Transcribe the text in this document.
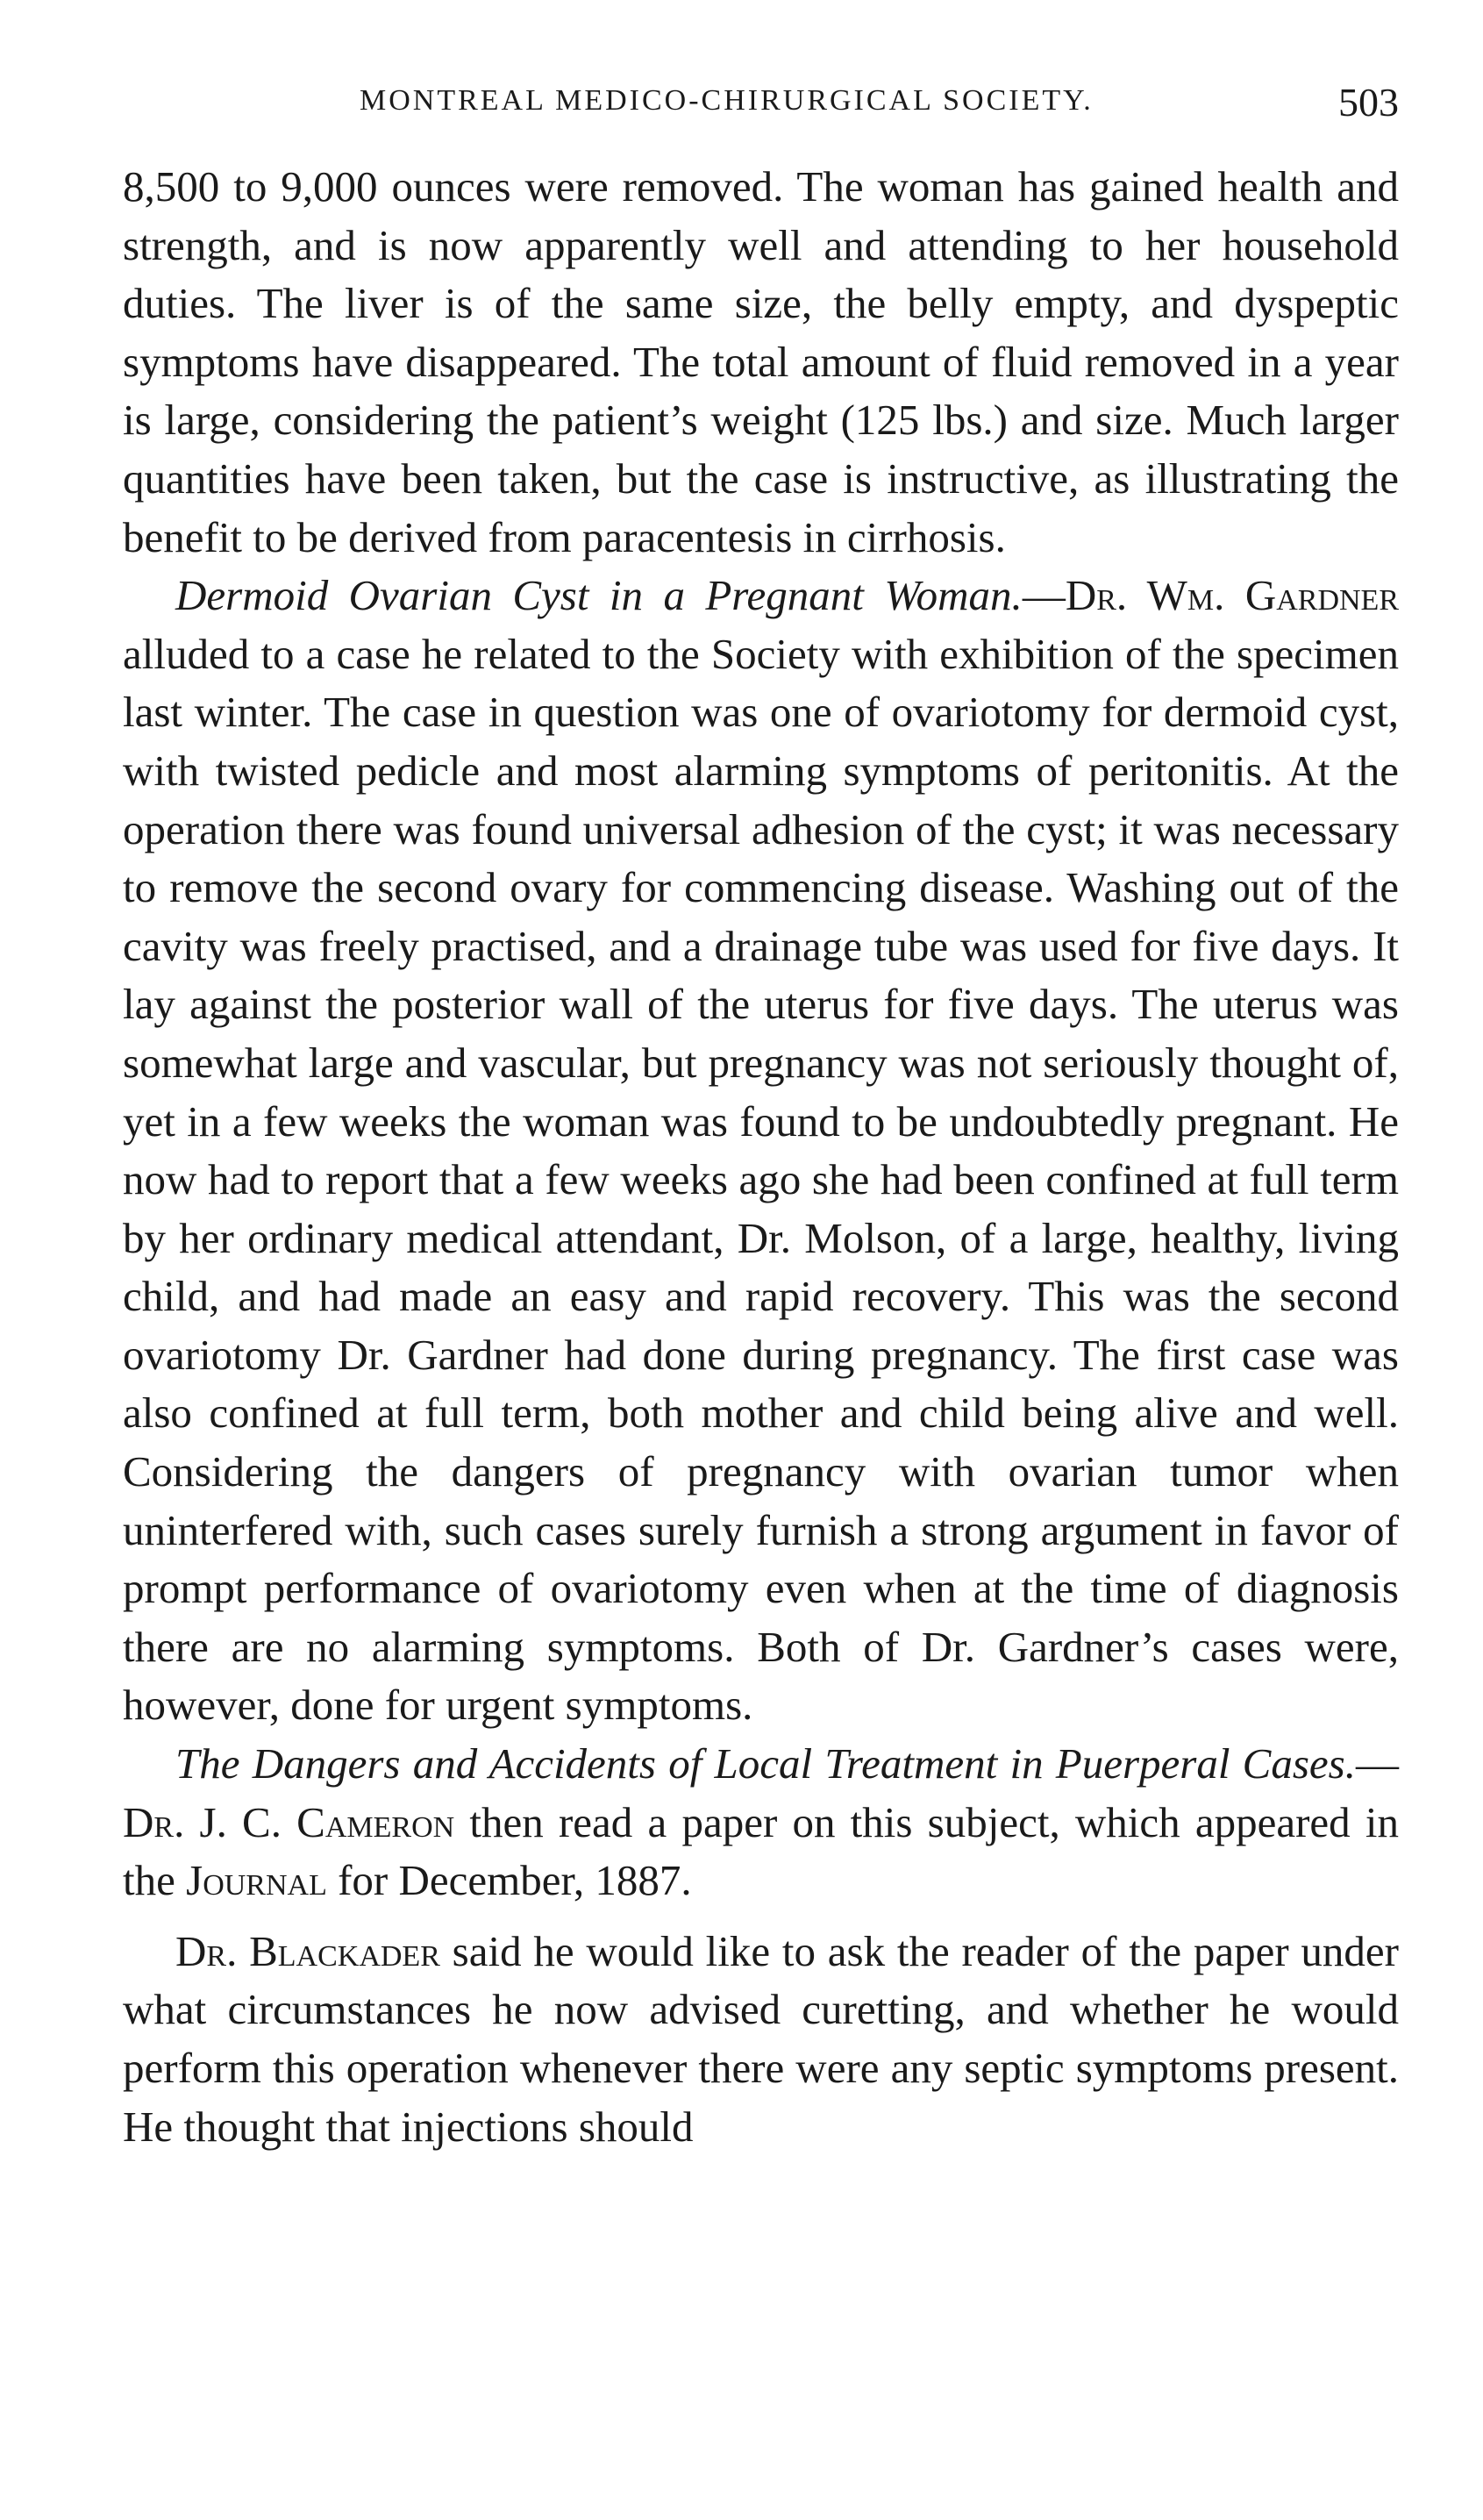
MONTREAL MEDICO-CHIRURGICAL SOCIETY.	503

8,500 to 9,000 ounces were removed. The woman has gained health and strength, and is now apparently well and attending to her household duties. The liver is of the same size, the belly empty, and dyspeptic symptoms have disappeared. The total amount of fluid removed in a year is large, considering the patient’s weight (125 lbs.) and size. Much larger quantities have been taken, but the case is instructive, as illustrating the benefit to be derived from paracentesis in cirrhosis.

Dermoid Ovarian Cyst in a Pregnant Woman.—Dr. Wm. Gardner alluded to a case he related to the Society with exhibition of the specimen last winter. The case in question was one of ovariotomy for dermoid cyst, with twisted pedicle and most alarming symptoms of peritonitis. At the operation there was found universal adhesion of the cyst; it was necessary to remove the second ovary for commencing disease. Washing out of the cavity was freely practised, and a drainage tube was used for five days. It lay against the posterior wall of the uterus for five days. The uterus was somewhat large and vascular, but pregnancy was not seriously thought of, yet in a few weeks the woman was found to be undoubtedly pregnant. He now had to report that a few weeks ago she had been confined at full term by her ordinary medical attendant, Dr. Molson, of a large, healthy, living child, and had made an easy and rapid recovery. This was the second ovariotomy Dr. Gardner had done during pregnancy. The first case was also confined at full term, both mother and child being alive and well. Considering the dangers of pregnancy with ovarian tumor when uninterfered with, such cases surely furnish a strong argument in favor of prompt performance of ovariotomy even when at the time of diagnosis there are no alarming symptoms. Both of Dr. Gardner’s cases were, however, done for urgent symptoms.

The Dangers and Accidents of Local Treatment in Puerperal Cases.—Dr. J. C. Cameron then read a paper on this subject, which appeared in the Journal for December, 1887.

Dr. Blackader said he would like to ask the reader of the paper under what circumstances he now advised curetting, and whether he would perform this operation whenever there were any septic symptoms present. He thought that injections should
